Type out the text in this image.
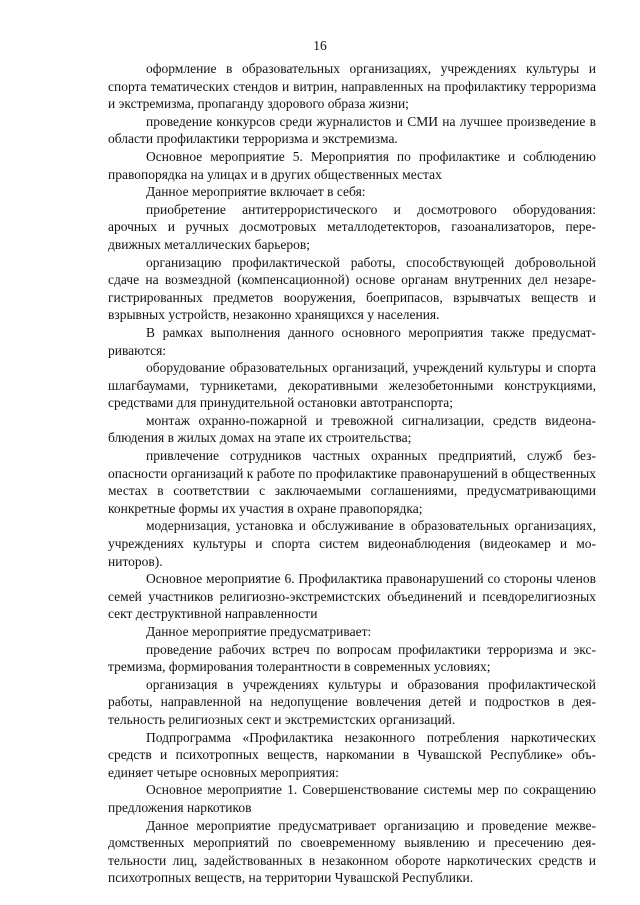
16

оформление в образовательных организациях, учреждениях культуры и спорта тематических стендов и витрин, направленных на профилактику терроризма и экстремизма, пропаганду здорового образа жизни;

проведение конкурсов среди журналистов и СМИ на лучшее произведение в области профилактики терроризма и экстремизма.

Основное мероприятие 5. Мероприятия по профилактике и соблюдению правопорядка на улицах и в других общественных местах

Данное мероприятие включает в себя:

приобретение антитеррористического и досмотрового оборудования: арочных и ручных досмотровых металлодетекторов, газоанализаторов, передвижных металлических барьеров;

организацию профилактической работы, способствующей добровольной сдаче на возмездной (компенсационной) основе органам внутренних дел незарегистрированных предметов вооружения, боеприпасов, взрывчатых веществ и взрывных устройств, незаконно хранящихся у населения.

В рамках выполнения данного основного мероприятия также предусматриваются:

оборудование образовательных организаций, учреждений культуры и спорта шлагбаумами, турникетами, декоративными железобетонными конструкциями, средствами для принудительной остановки автотранспорта;

монтаж охранно-пожарной и тревожной сигнализации, средств видеонаблюдения в жилых домах на этапе их строительства;

привлечение сотрудников частных охранных предприятий, служб безопасности организаций к работе по профилактике правонарушений в общественных местах в соответствии с заключаемыми соглашениями, предусматривающими конкретные формы их участия в охране правопорядка;

модернизация, установка и обслуживание в образовательных организациях, учреждениях культуры и спорта систем видеонаблюдения (видеокамер и мониторов).

Основное мероприятие 6. Профилактика правонарушений со стороны членов семей участников религиозно-экстремистских объединений и псевдорелигиозных сект деструктивной направленности

Данное мероприятие предусматривает:

проведение рабочих встреч по вопросам профилактики терроризма и экстремизма, формирования толерантности в современных условиях;

организация в учреждениях культуры и образования профилактической работы, направленной на недопущение вовлечения детей и подростков в деятельность религиозных сект и экстремистских организаций.

Подпрограмма «Профилактика незаконного потребления наркотических средств и психотропных веществ, наркомании в Чувашской Республике» объединяет четыре основных мероприятия:

Основное мероприятие 1. Совершенствование системы мер по сокращению предложения наркотиков

Данное мероприятие предусматривает организацию и проведение межведомственных мероприятий по своевременному выявлению и пресечению деятельности лиц, задействованных в незаконном обороте наркотических средств и психотропных веществ, на территории Чувашской Республики.
